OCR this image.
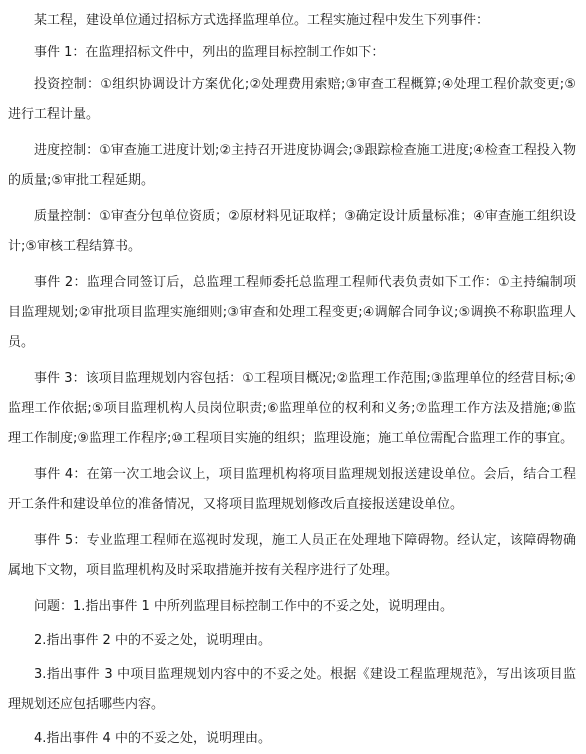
某工程，建设单位通过招标方式选择监理单位。工程实施过程中发生下列事件：

事件 1：在监理招标文件中，列出的监理目标控制工作如下：

投资控制：①组织协调设计方案优化;②处理费用索赔;③审查工程概算;④处理工程价款变更;⑤进行工程计量。

进度控制：①审查施工进度计划;②主持召开进度协调会;③跟踪检查施工进度;④检查工程投入物的质量;⑤审批工程延期。

质量控制：①审查分包单位资质；②原材料见证取样；③确定设计质量标准；④审查施工组织设计;⑤审核工程结算书。

事件 2：监理合同签订后，总监理工程师委托总监理工程师代表负责如下工作：①主持编制项目监理规划;②审批项目监理实施细则;③审查和处理工程变更;④调解合同争议;⑤调换不称职监理人员。

事件 3：该项目监理规划内容包括：①工程项目概况;②监理工作范围;③监理单位的经营目标;④监理工作依据;⑤项目监理机构人员岗位职责;⑥监理单位的权利和义务;⑦监理工作方法及措施;⑧监理工作制度;⑨监理工作程序;⑩工程项目实施的组织；监理设施；施工单位需配合监理工作的事宜。

事件 4：在第一次工地会议上，项目监理机构将项目监理规划报送建设单位。会后，结合工程开工条件和建设单位的准备情况，又将项目监理规划修改后直接报送建设单位。

事件 5：专业监理工程师在巡视时发现，施工人员正在处理地下障碍物。经认定，该障碍物确属地下文物，项目监理机构及时采取措施并按有关程序进行了处理。

问题：1.指出事件 1 中所列监理目标控制工作中的不妥之处，说明理由。

2.指出事件 2 中的不妥之处，说明理由。

3.指出事件 3 中项目监理规划内容中的不妥之处。根据《建设工程监理规范》，写出该项目监理规划还应包括哪些内容。

4.指出事件 4 中的不妥之处，说明理由。
